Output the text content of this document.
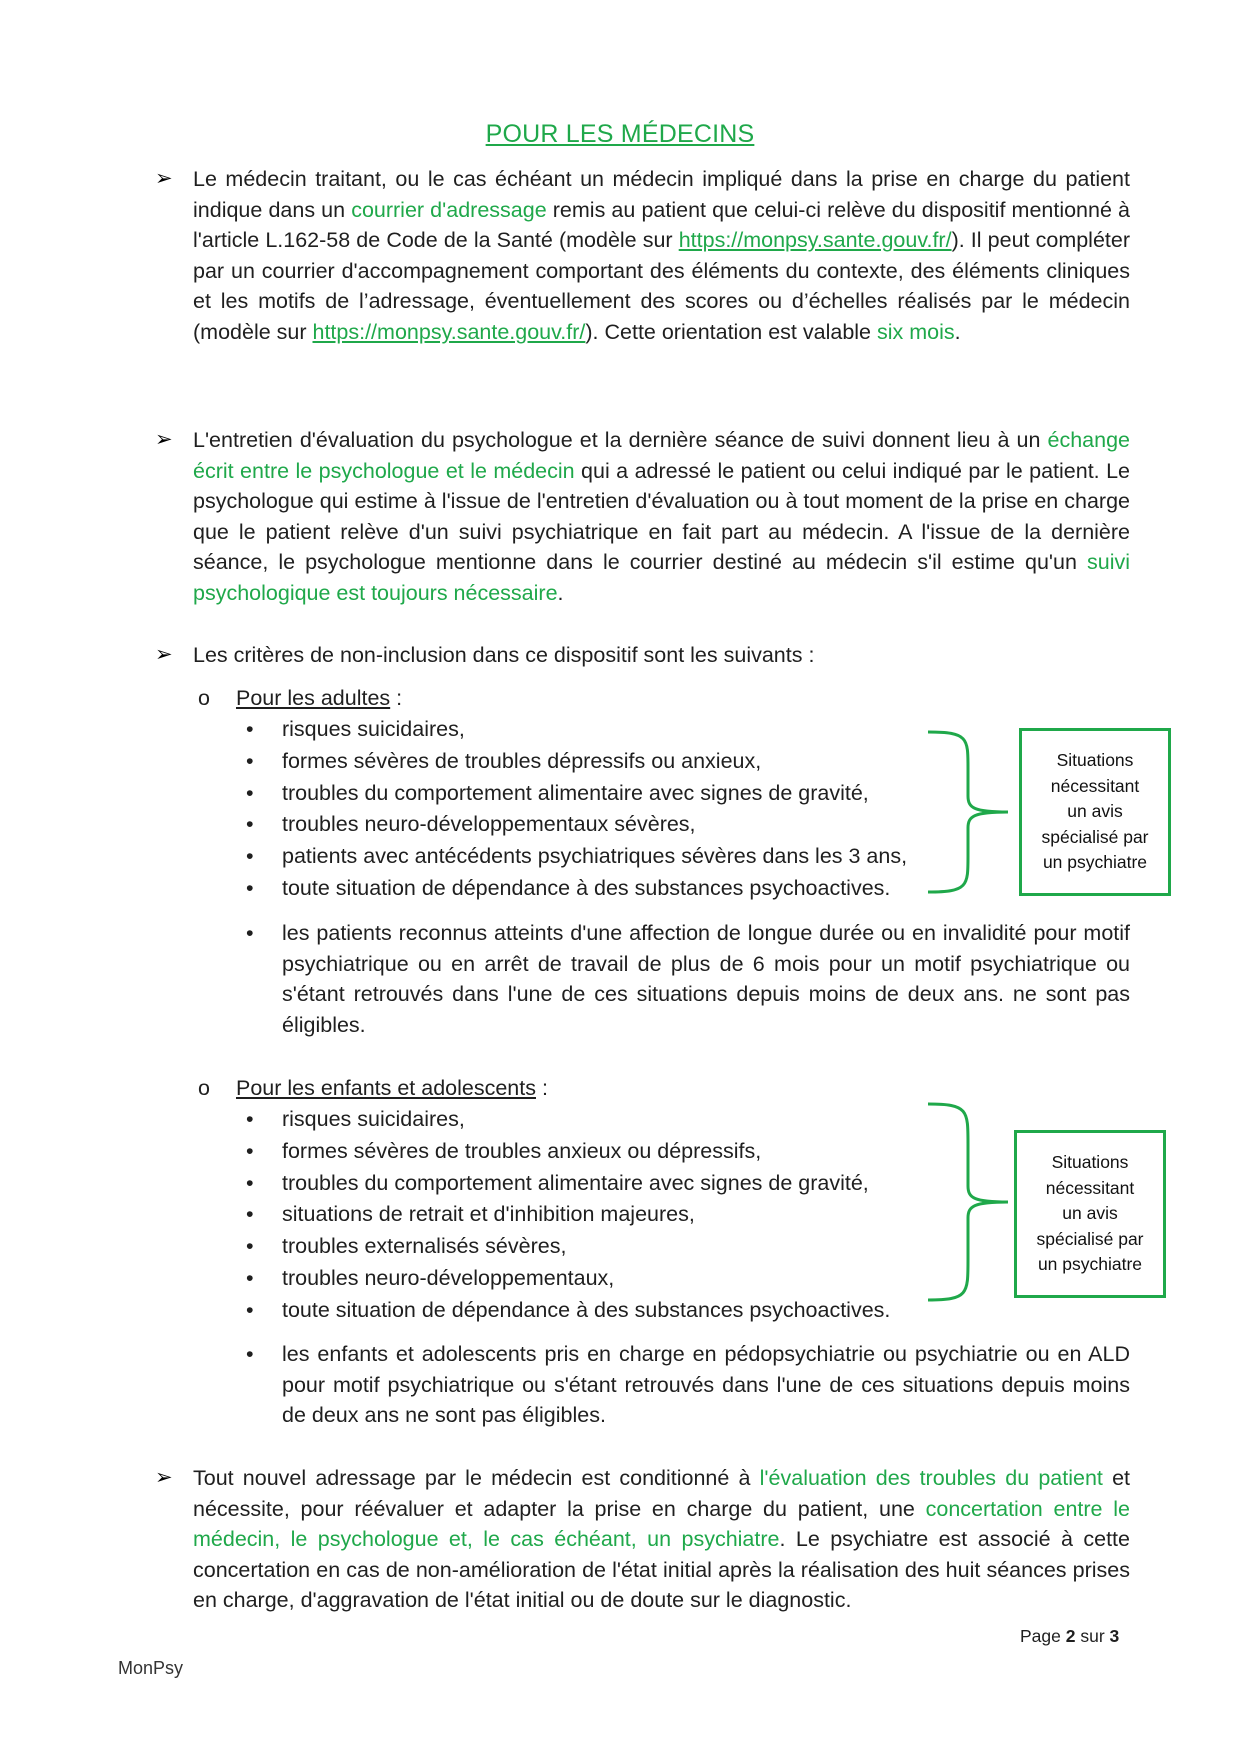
POUR LES MÉDECINS
➢ Le médecin traitant, ou le cas échéant un médecin impliqué dans la prise en charge du patient indique dans un courrier d'adressage remis au patient que celui-ci relève du dispositif mentionné à l'article L.162-58 de Code de la Santé (modèle sur https://monpsy.sante.gouv.fr/). Il peut compléter par un courrier d'accompagnement comportant des éléments du contexte, des éléments cliniques et les motifs de l’adressage, éventuellement des scores ou d’échelles réalisés par le médecin (modèle sur https://monpsy.sante.gouv.fr/). Cette orientation est valable six mois.
➢ L'entretien d'évaluation du psychologue et la dernière séance de suivi donnent lieu à un échange écrit entre le psychologue et le médecin qui a adressé le patient ou celui indiqué par le patient. Le psychologue qui estime à l'issue de l'entretien d'évaluation ou à tout moment de la prise en charge que le patient relève d'un suivi psychiatrique en fait part au médecin. A l'issue de la dernière séance, le psychologue mentionne dans le courrier destiné au médecin s'il estime qu'un suivi psychologique est toujours nécessaire.
➢ Les critères de non-inclusion dans ce dispositif sont les suivants :
o Pour les adultes :
• risques suicidaires,
• formes sévères de troubles dépressifs ou anxieux,
• troubles du comportement alimentaire avec signes de gravité,
• troubles neuro-développementaux sévères,
• patients avec antécédents psychiatriques sévères dans les 3 ans,
• toute situation de dépendance à des substances psychoactives.
Situations
nécessitant
un avis
spécialisé par
un psychiatre
• les patients reconnus atteints d'une affection de longue durée ou en invalidité pour motif psychiatrique ou en arrêt de travail de plus de 6 mois pour un motif psychiatrique ou s'étant retrouvés dans l'une de ces situations depuis moins de deux ans. ne sont pas éligibles.
o Pour les enfants et adolescents :
• risques suicidaires,
• formes sévères de troubles anxieux ou dépressifs,
• troubles du comportement alimentaire avec signes de gravité,
• situations de retrait et d'inhibition majeures,
• troubles externalisés sévères,
• troubles neuro-développementaux,
• toute situation de dépendance à des substances psychoactives.
Situations
nécessitant
un avis
spécialisé par
un psychiatre
• les enfants et adolescents pris en charge en pédopsychiatrie ou psychiatrie ou en ALD pour motif psychiatrique ou s'étant retrouvés dans l'une de ces situations depuis moins de deux ans ne sont pas éligibles.
➢ Tout nouvel adressage par le médecin est conditionné à l'évaluation des troubles du patient et nécessite, pour réévaluer et adapter la prise en charge du patient, une concertation entre le médecin, le psychologue et, le cas échéant, un psychiatre. Le psychiatre est associé à cette concertation en cas de non-amélioration de l'état initial après la réalisation des huit séances prises en charge, d'aggravation de l'état initial ou de doute sur le diagnostic.
Page 2 sur 3
MonPsy
